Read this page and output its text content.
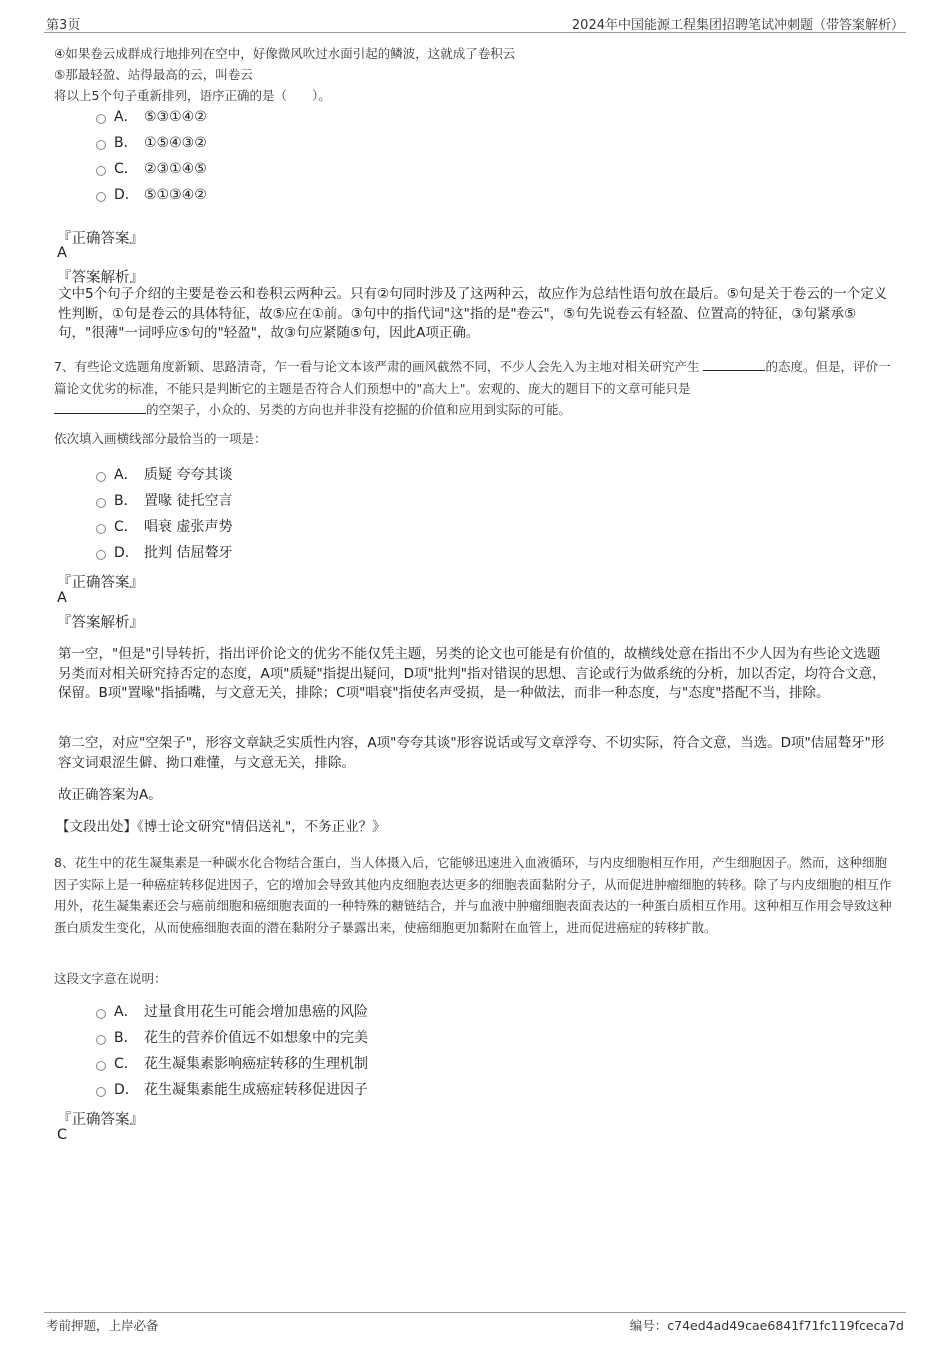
第3页	2024年中国能源工程集团招聘笔试冲刺题（带答案解析）
④如果卷云成群成行地排列在空中，好像微风吹过水面引起的鳞波，这就成了卷积云
⑤那最轻盈、站得最高的云，叫卷云
将以上5个句子重新排列，语序正确的是（　　）。
A． ⑤③①④②
B． ①⑤④③②
C． ②③①④⑤
D． ⑤①③④②
『正确答案』
A
『答案解析』
文中5个句子介绍的主要是卷云和卷积云两种云。只有②句同时涉及了这两种云，故应作为总结性语句放在最后。⑤句是关于卷云的一个定义性判断，①句是卷云的具体特征，故⑤应在①前。③句中的指代词"这"指的是"卷云"，⑤句先说卷云有轻盈、位置高的特征，③句紧承⑤句，"很薄"一词呼应⑤句的"轻盈"，故③句应紧随⑤句，因此A项正确。
7、有些论文选题角度新颖、思路清奇，乍一看与论文本该严肃的画风截然不同，不少人会先入为主地对相关研究产生	的态度。但是，评价一篇论文优劣的标准，不能只是判断它的主题是否符合人们预想中的"高大上"。宏观的、庞大的题目下的文章可能只是
的空架子，小众的、另类的方向也并非没有挖掘的价值和应用到实际的可能。
依次填入画横线部分最恰当的一项是：
A． 质疑 夸夸其谈
B． 置喙 徒托空言
C． 唱衰 虚张声势
D． 批判 佶屈聱牙
『正确答案』
A
『答案解析』
第一空，"但是"引导转折，指出评价论文的优劣不能仅凭主题，另类的论文也可能是有价值的，故横线处意在指出不少人因为有些论文选题另类而对相关研究持否定的态度，A项"质疑"指提出疑问，D项"批判"指对错误的思想、言论或行为做系统的分析，加以否定，均符合文意，保留。B项"置喙"指插嘴，与文意无关，排除；C项"唱衰"指使名声受损，是一种做法，而非一种态度，与"态度"搭配不当，排除。
第二空，对应"空架子"，形容文章缺乏实质性内容，A项"夸夸其谈"形容说话或写文章浮夸、不切实际，符合文意，当选。D项"佶屈聱牙"形容文词艰涩生僻、拗口难懂，与文意无关，排除。
故正确答案为A。
【文段出处】《博士论文研究"情侣送礼"，不务正业？》
8、花生中的花生凝集素是一种碳水化合物结合蛋白，当人体摄入后，它能够迅速进入血液循环，与内皮细胞相互作用，产生细胞因子。然而，这种细胞因子实际上是一种癌症转移促进因子，它的增加会导致其他内皮细胞表达更多的细胞表面黏附分子，从而促进肿瘤细胞的转移。除了与内皮细胞的相互作用外，花生凝集素还会与癌前细胞和癌细胞表面的一种特殊的糖链结合，并与血液中肿瘤细胞表面表达的一种蛋白质相互作用。这种相互作用会导致这种蛋白质发生变化，从而使癌细胞表面的潜在黏附分子暴露出来，使癌细胞更加黏附在血管上，进而促进癌症的转移扩散。
这段文字意在说明：
A． 过量食用花生可能会增加患癌的风险
B． 花生的营养价值远不如想象中的完美
C． 花生凝集素影响癌症转移的生理机制
D． 花生凝集素能生成癌症转移促进因子
『正确答案』
C
考前押题，上岸必备	编号：c74ed4ad49cae6841f71fc119fceca7d
